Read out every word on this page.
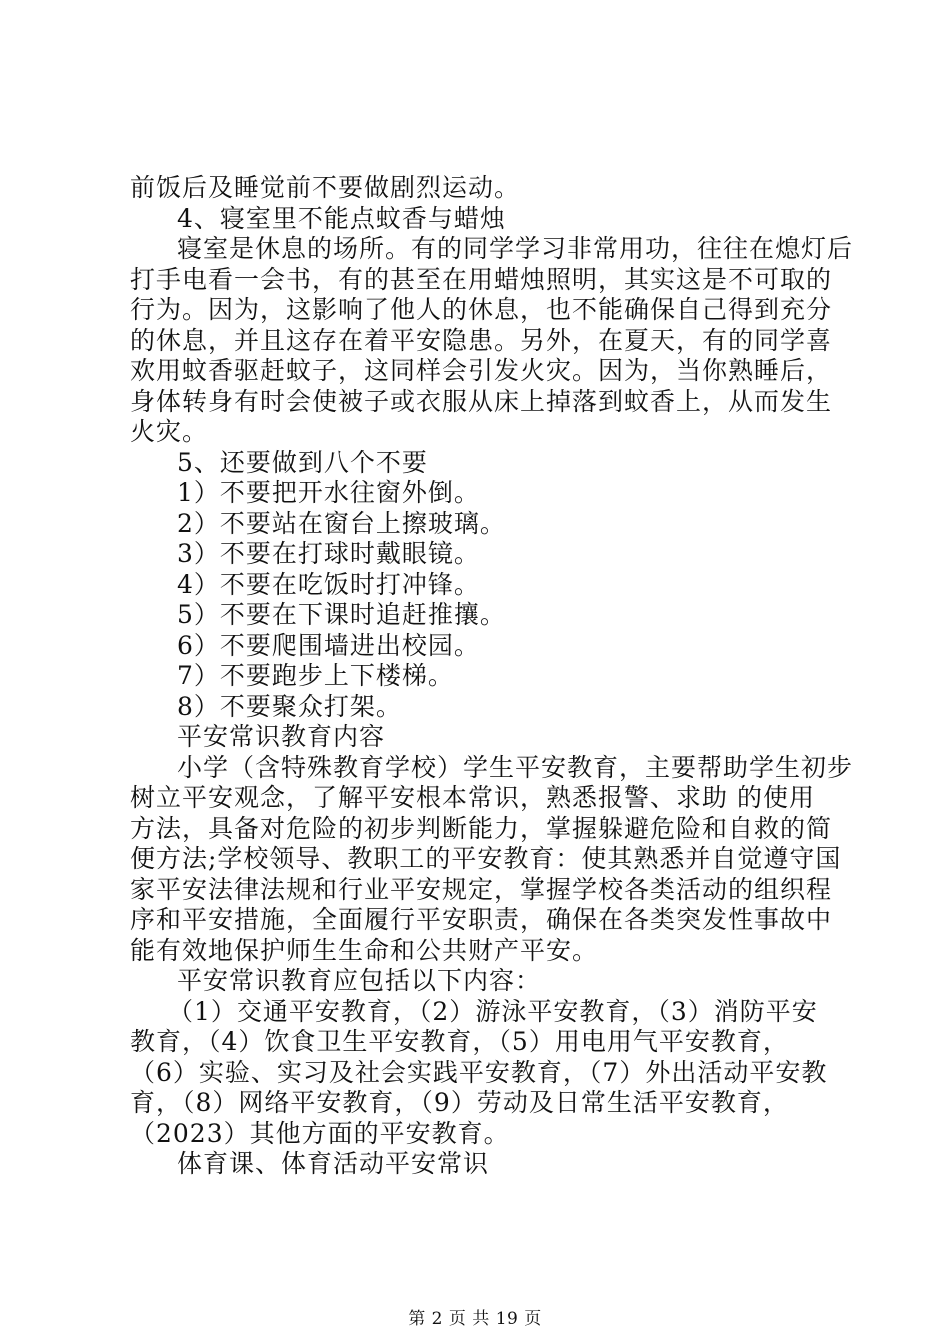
前饭后及睡觉前不要做剧烈运动。
4、寝室里不能点蚊香与蜡烛
寝室是休息的场所。有的同学学习非常用功，往往在熄灯后
打手电看一会书，有的甚至在用蜡烛照明，其实这是不可取的
行为。因为，这影响了他人的休息，也不能确保自己得到充分
的休息，并且这存在着平安隐患。另外，在夏天，有的同学喜
欢用蚊香驱赶蚊子，这同样会引发火灾。因为，当你熟睡后，
身体转身有时会使被子或衣服从床上掉落到蚊香上，从而发生
火灾。
5、还要做到八个不要
1）不要把开水往窗外倒。
2）不要站在窗台上擦玻璃。
3）不要在打球时戴眼镜。
4）不要在吃饭时打冲锋。
5）不要在下课时追赶推攘。
6）不要爬围墙进出校园。
7）不要跑步上下楼梯。
8）不要聚众打架。
平安常识教育内容
小学（含特殊教育学校）学生平安教育，主要帮助学生初步
树立平安观念，了解平安根本常识，熟悉报警、求助 的使用
方法，具备对危险的初步判断能力，掌握躲避危险和自救的简
便方法;学校领导、教职工的平安教育：使其熟悉并自觉遵守国
家平安法律法规和行业平安规定，掌握学校各类活动的组织程
序和平安措施，全面履行平安职责，确保在各类突发性事故中
能有效地保护师生生命和公共财产平安。
平安常识教育应包括以下内容：
（1）交通平安教育，（2）游泳平安教育，（3）消防平安
教育，（4）饮食卫生平安教育，（5）用电用气平安教育，
（6）实验、实习及社会实践平安教育，（7）外出活动平安教
育，（8）网络平安教育，（9）劳动及日常生活平安教育，
（2023）其他方面的平安教育。
体育课、体育活动平安常识
第 2 页 共 19 页
